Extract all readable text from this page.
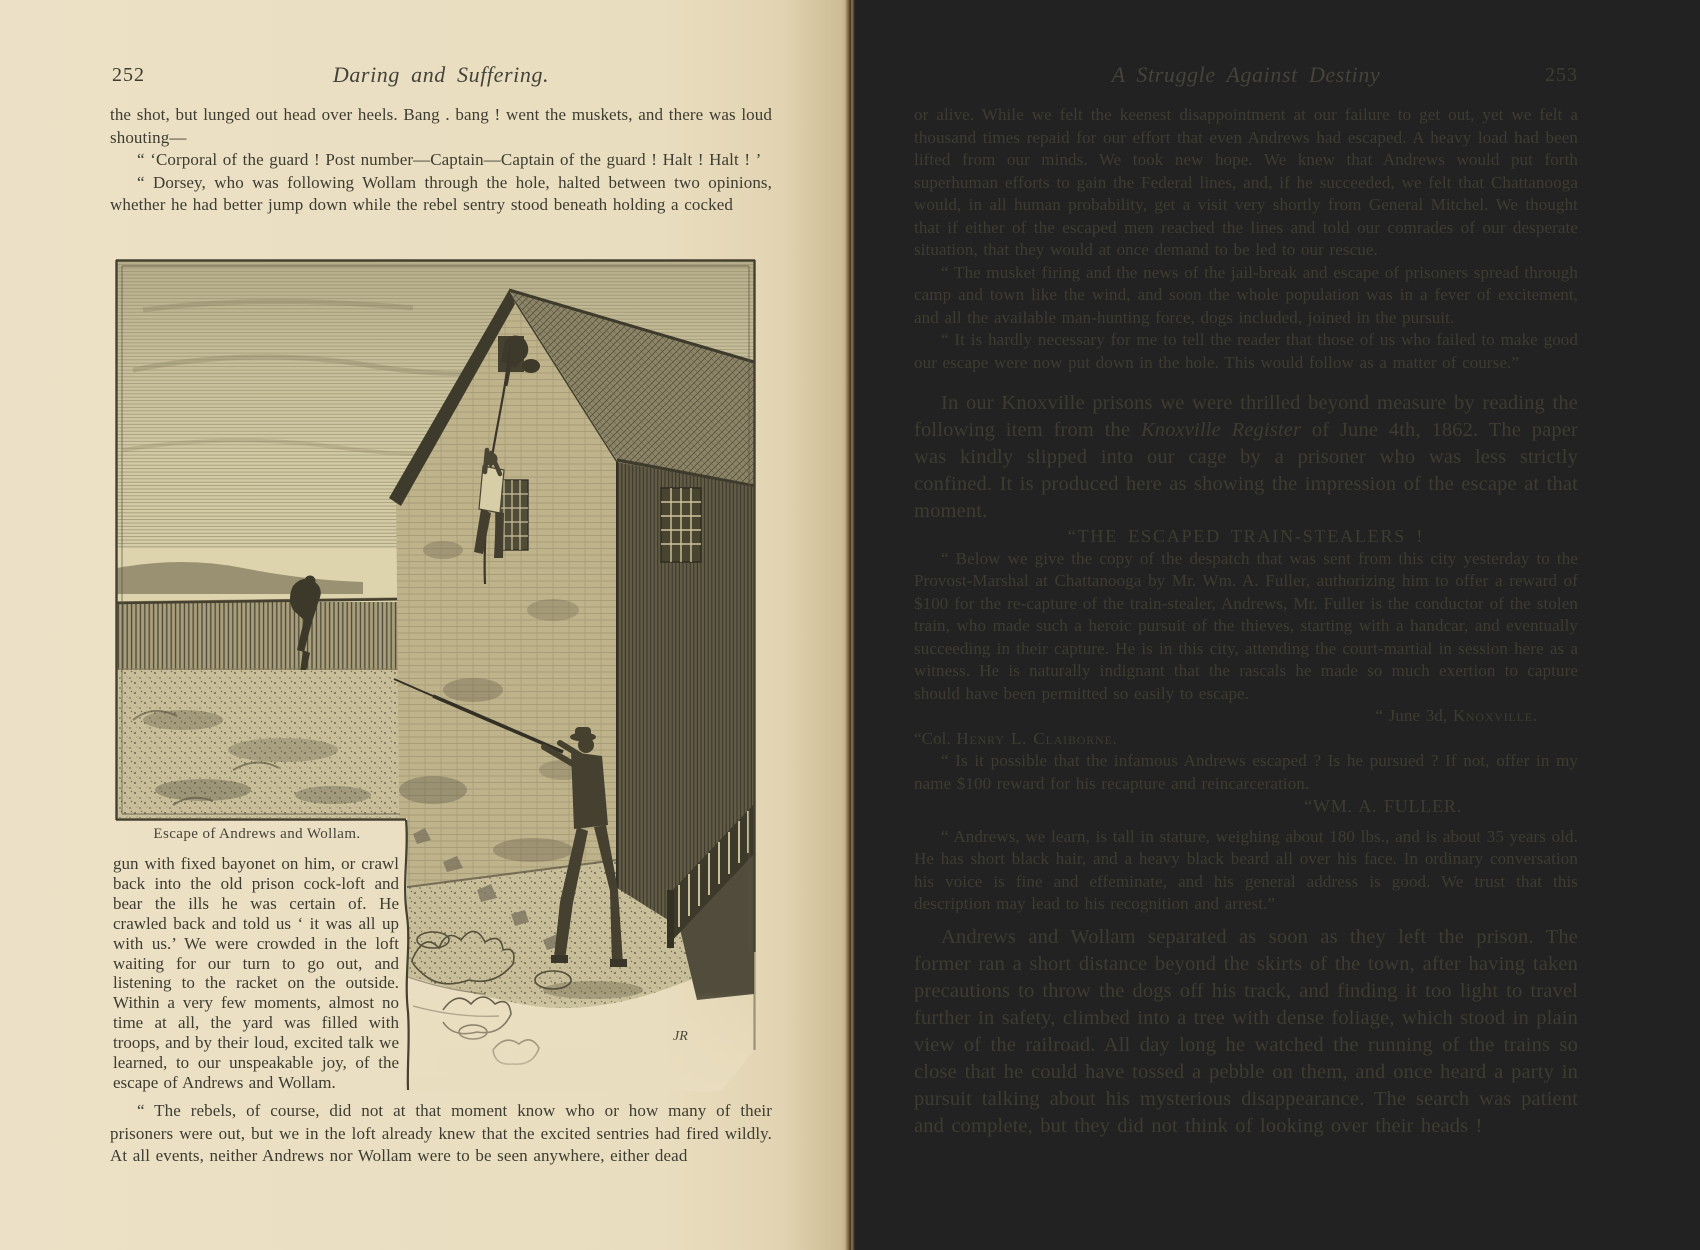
252	Daring and Suffering.

the shot, but lunged out head over heels. Bang . bang ! went the muskets, and there was loud shouting—

“ ‘Corporal of the guard ! Post number—Captain—Captain of the guard ! Halt ! Halt ! ’

“ Dorsey, who was following Wollam through the hole, halted between two opinions, whether he had better jump down while the rebel sentry stood beneath holding a cocked

JR
Escape of Andrews and Wollam.
gun with fixed bayonet on him, or crawl back into the old prison cock-loft and bear the ills he was certain of. He crawled back and told us ‘ it was all up with us.’ We were crowded in the loft waiting for our turn to go out, and listening to the racket on the outside. Within a very few moments, almost no time at all, the yard was filled with troops, and by their loud, excited talk we learned, to our unspeakable joy, of the escape of Andrews and Wollam.

“ The rebels, of course, did not at that moment know who or how many of their prisoners were out, but we in the loft already knew that the excited sentries had fired wildly. At all events, neither Andrews nor Wollam were to be seen anywhere, either dead

A Struggle Against Destiny	253

or alive. While we felt the keenest disappointment at our failure to get out, yet we felt a thousand times repaid for our effort that even Andrews had escaped. A heavy load had been lifted from our minds. We took new hope. We knew that Andrews would put forth superhuman efforts to gain the Federal lines, and, if he succeeded, we felt that Chattanooga would, in all human probability, get a visit very shortly from General Mitchel. We thought that if either of the escaped men reached the lines and told our comrades of our desperate situation, that they would at once demand to be led to our rescue.

“ The musket firing and the news of the jail-break and escape of prisoners spread through camp and town like the wind, and soon the whole population was in a fever of excitement, and all the available man-hunting force, dogs included, joined in the pursuit.

“ It is hardly necessary for me to tell the reader that those of us who failed to make good our escape were now put down in the hole. This would follow as a matter of course.”

In our Knoxville prisons we were thrilled beyond measure by reading the following item from the Knoxville Register of June 4th, 1862. The paper was kindly slipped into our cage by a prisoner who was less strictly confined. It is produced here as showing the impression of the escape at that moment.

“THE ESCAPED TRAIN-STEALERS !

“ Below we give the copy of the despatch that was sent from this city yesterday to the Provost-Marshal at Chattanooga by Mr. Wm. A. Fuller, authorizing him to offer a reward of $100 for the re-capture of the train-stealer, Andrews, Mr. Fuller is the conductor of the stolen train, who made such a heroic pursuit of the thieves, starting with a handcar, and eventually succeeding in their capture. He is in this city, attending the court-martial in session here as a witness. He is naturally indignant that the rascals he made so much exertion to capture should have been permitted so easily to escape.

“ June 3d, Knoxville.

“Col. Henry L. Claiborne.

“ Is it possible that the infamous Andrews escaped ? Is he pursued ? If not, offer in my name $100 reward for his recapture and reincarceration.

“WM. A. FULLER.

“ Andrews, we learn, is tall in stature, weighing about 180 lbs., and is about 35 years old. He has short black hair, and a heavy black beard all over his face. In ordinary conversation his voice is fine and effeminate, and his general address is good. We trust that this description may lead to his recognition and arrest.”

Andrews and Wollam separated as soon as they left the prison. The former ran a short distance beyond the skirts of the town, after having taken precautions to throw the dogs off his track, and finding it too light to travel further in safety, climbed into a tree with dense foliage, which stood in plain view of the railroad. All day long he watched the running of the trains so close that he could have tossed a pebble on them, and once heard a party in pursuit talking about his mysterious disappearance. The search was patient and complete, but they did not think of looking over their heads !
